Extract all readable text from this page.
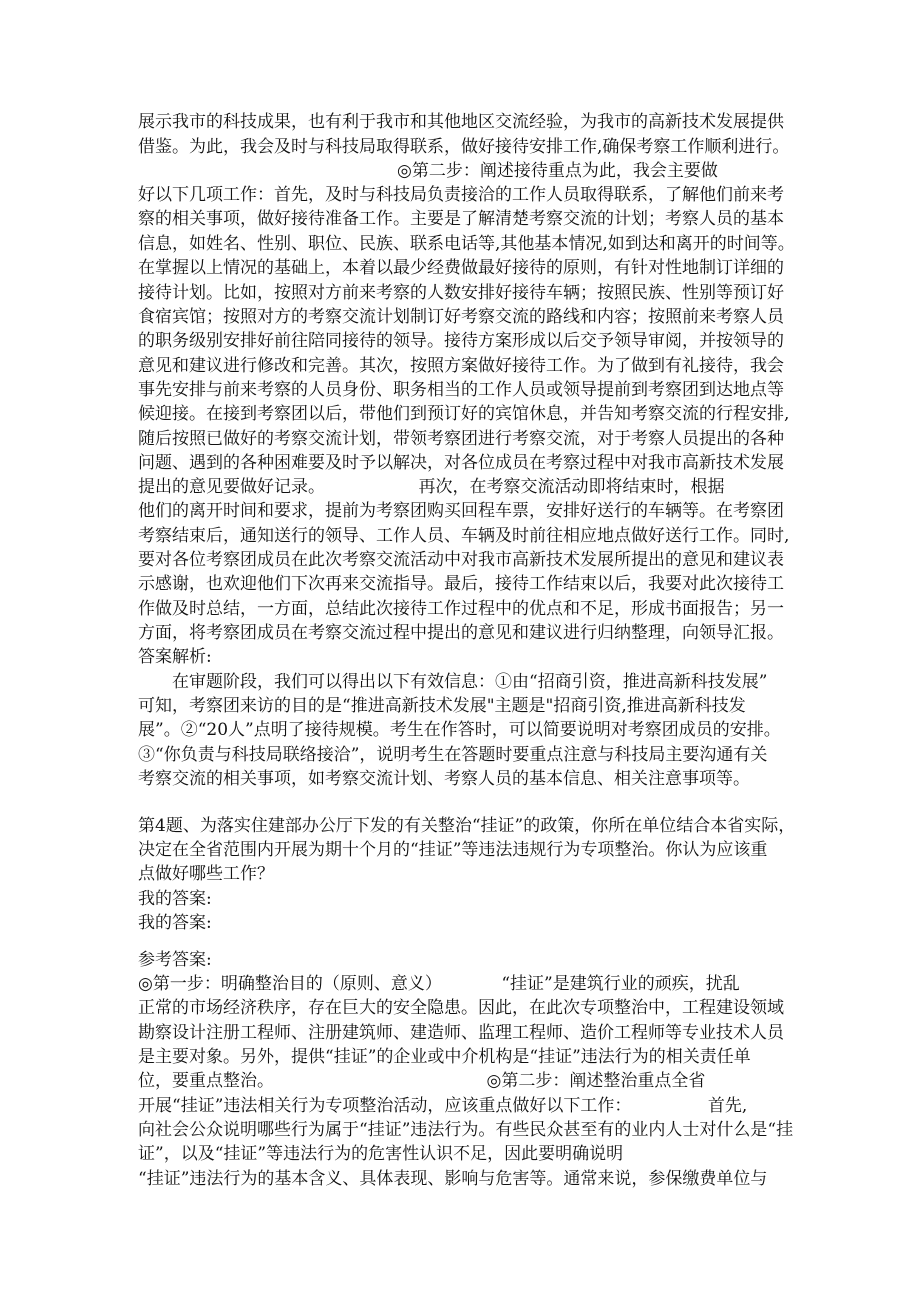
展示我市的科技成果，也有利于我市和其他地区交流经验，为我市的高新技术发展提供
借鉴。为此，我会及时与科技局取得联系，做好接待安排工作,确保考察工作顺利进行。
◎第二步：阐述接待重点为此，我会主要做
好以下几项工作：首先，及时与科技局负责接洽的工作人员取得联系，了解他们前来考
察的相关事项，做好接待准备工作。主要是了解清楚考察交流的计划；考察人员的基本
信息，如姓名、性别、职位、民族、联系电话等,其他基本情况,如到达和离开的时间等。
在掌握以上情况的基础上，本着以最少经费做最好接待的原则，有针对性地制订详细的
接待计划。比如，按照对方前来考察的人数安排好接待车辆；按照民族、性别等预订好
食宿宾馆；按照对方的考察交流计划制订好考察交流的路线和内容；按照前来考察人员
的职务级别安排好前往陪同接待的领导。接待方案形成以后交予领导审阅，并按领导的
意见和建议进行修改和完善。其次，按照方案做好接待工作。为了做到有礼接待，我会
事先安排与前来考察的人员身份、职务相当的工作人员或领导提前到考察团到达地点等
候迎接。在接到考察团以后，带他们到预订好的宾馆休息，并告知考察交流的行程安排,
随后按照已做好的考察交流计划，带领考察团进行考察交流，对于考察人员提出的各种
问题、遇到的各种困难要及时予以解决，对各位成员在考察过程中对我市高新技术发展
提出的意见要做好记录。　　　　　　再次，在考察交流活动即将结束时，根据
他们的离开时间和要求，提前为考察团购买回程车票，安排好送行的车辆等。在考察团
考察结束后，通知送行的领导、工作人员、车辆及时前往相应地点做好送行工作。同时,
要对各位考察团成员在此次考察交流活动中对我市高新技术发展所提出的意见和建议表
示感谢，也欢迎他们下次再来交流指导。最后，接待工作结束以后，我要对此次接待工
作做及时总结，一方面，总结此次接待工作过程中的优点和不足，形成书面报告；另一
方面，将考察团成员在考察交流过程中提出的意见和建议进行归纳整理，向领导汇报。
答案解析:
在审题阶段，我们可以得出以下有效信息：①由“招商引资，推进高新科技发展”
可知，考察团来访的目的是“推进高新技术发展"主题是"招商引资,推进高新科技发
展”。②“20人”点明了接待规模。考生在作答时，可以简要说明对考察团成员的安排。
③“你负责与科技局联络接洽”，说明考生在答题时要重点注意与科技局主要沟通有关
考察交流的相关事项，如考察交流计划、考察人员的基本信息、相关注意事项等。
第4题、为落实住建部办公厅下发的有关整治“挂证”的政策，你所在单位结合本省实际，
决定在全省范围内开展为期十个月的“挂证”等违法违规行为专项整治。你认为应该重
点做好哪些工作？
我的答案:
我的答案:
参考答案:
◎第一步：明确整治目的（原则、意义）　　　　“挂证”是建筑行业的顽疾，扰乱
正常的市场经济秩序，存在巨大的安全隐患。因此，在此次专项整治中，工程建设领域
勘察设计注册工程师、注册建筑师、建造师、监理工程师、造价工程师等专业技术人员
是主要对象。另外，提供“挂证”的企业或中介机构是“挂证”违法行为的相关责任单
位，要重点整治。　　　　　　　　　　　　　◎第二步：阐述整治重点全省
开展“挂证”违法相关行为专项整治活动，应该重点做好以下工作：　　　　　首先,
向社会公众说明哪些行为属于“挂证”违法行为。有些民众甚至有的业内人士对什么是“挂
证”，以及“挂证”等违法行为的危害性认识不足，因此要明确说明
“挂证”违法行为的基本含义、具体表现、影响与危害等。通常来说，参保缴费单位与
